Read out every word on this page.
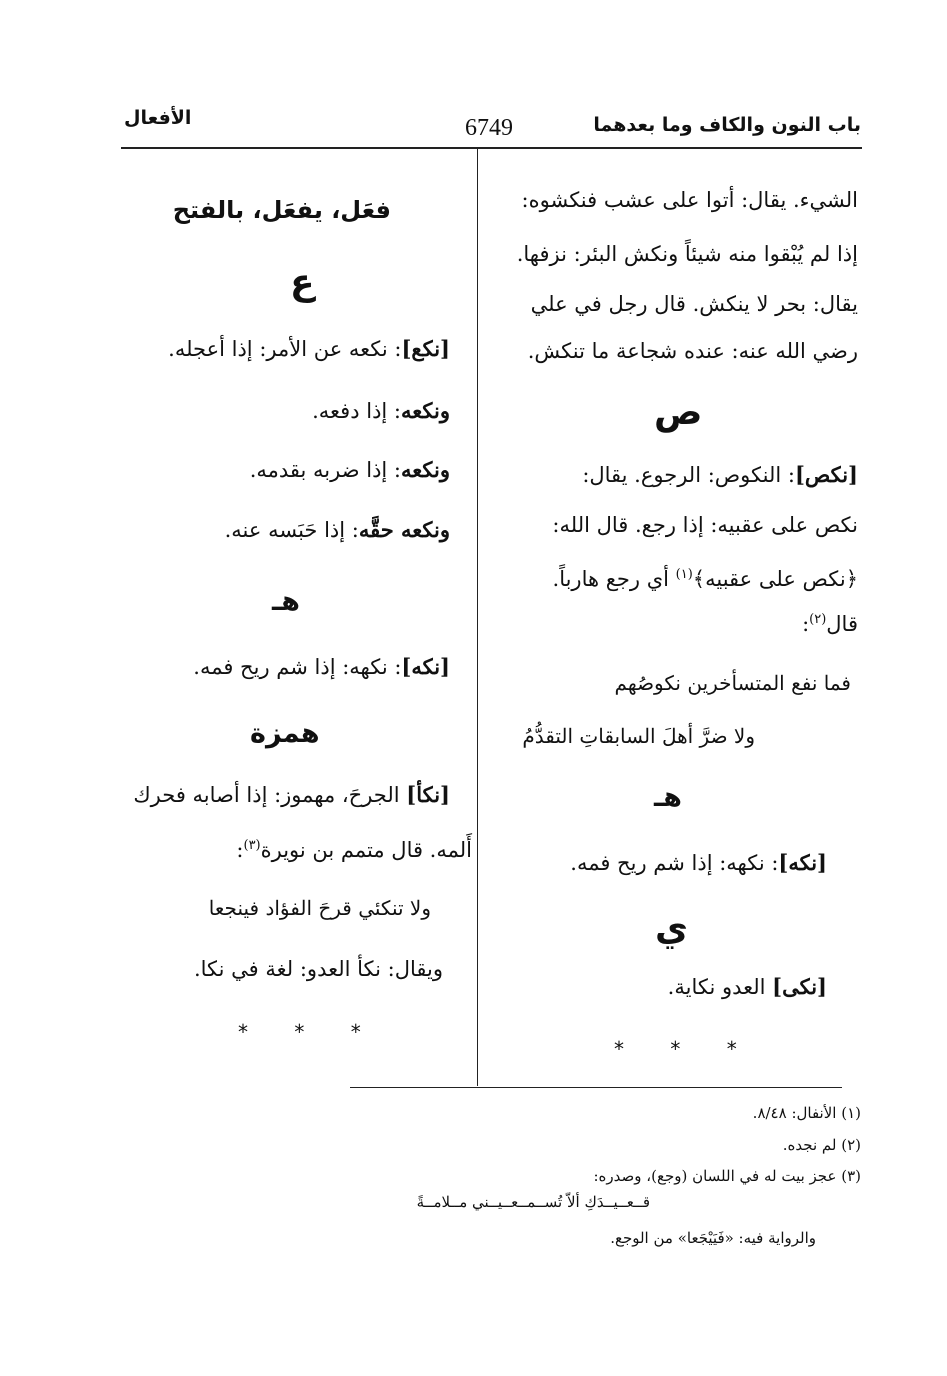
باب النون والكاف وما بعدهما
6749
الأفعال
الشيء. يقال: أتوا على عشب فنكشوه:
إذا لم يُبْقوا منه شيئاً ونكش البئر: نزفها.
يقال: بحر لا ينكش. قال رجل في علي
رضي الله عنه: عنده شجاعة ما تنكش.
ص
[نكص]: النكوص: الرجوع. يقال:
نكص على عقبيه: إذا رجع. قال الله:
﴿نكص على عقبيه﴾$^{(١)}$ أي رجع هارباً.
قال$^{(٢)}$:
فما نفع المتسأخرين نكوصُهم
ولا ضرَّ أهلَ السابقاتِ التقدُّمُ
هـ
[نكه]: نكهه: إذا شم ريح فمه.
ي
[نكى] العدو نكاية.
* * *
فعَل، يفعَل، بالفتح
ع
[نكع]: نكعه عن الأمر: إذا أعجله.
ونكعه: إذا دفعه.
ونكعه: إذا ضربه بقدمه.
ونكعه حقَّه: إذا حَبَسه عنه.
هـ
[نكه]: نكهه: إذا شم ريح فمه.
همزة
[نكأ] الجرحَ، مهموز: إذا أصابه فحرك
أَلمه. قال متمم بن نويرة$^{(٣)}$:
ولا تنكئي قرحَ الفؤاد فينجعا
ويقال: نكأ العدو: لغة في نكا.
* * *
(١) الأنفال: ٨/٤٨.
(٢) لم نجده.
(٣) عجز بيت له في اللسان (وجع)، وصدره:
قــعــيــدَكِ ألاّ تُســمــعــيــني مــلامــةً
والرواية فيه: «فَيَيْجَعا» من الوجع.
